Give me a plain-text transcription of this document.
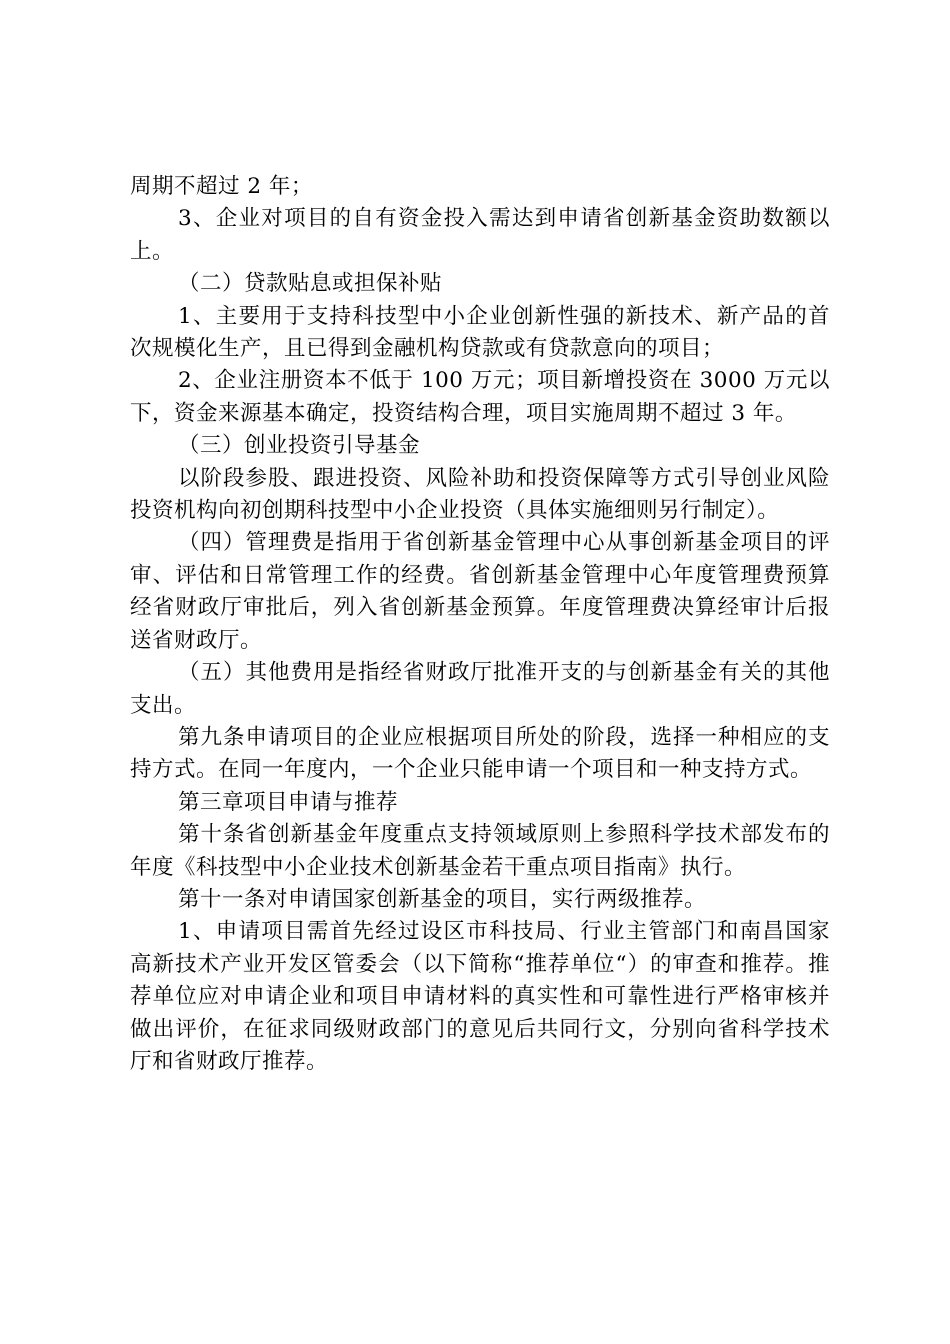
周期不超过 2 年；

3、企业对项目的自有资金投入需达到申请省创新基金资助数额以上。

（二）贷款贴息或担保补贴

1、主要用于支持科技型中小企业创新性强的新技术、新产品的首次规模化生产，且已得到金融机构贷款或有贷款意向的项目；

2、企业注册资本不低于 100 万元；项目新增投资在 3000 万元以下，资金来源基本确定，投资结构合理，项目实施周期不超过 3 年。

（三）创业投资引导基金

以阶段参股、跟进投资、风险补助和投资保障等方式引导创业风险投资机构向初创期科技型中小企业投资（具体实施细则另行制定）。

（四）管理费是指用于省创新基金管理中心从事创新基金项目的评审、评估和日常管理工作的经费。省创新基金管理中心年度管理费预算经省财政厅审批后，列入省创新基金预算。年度管理费决算经审计后报送省财政厅。

（五）其他费用是指经省财政厅批准开支的与创新基金有关的其他支出。

第九条申请项目的企业应根据项目所处的阶段，选择一种相应的支持方式。在同一年度内，一个企业只能申请一个项目和一种支持方式。

第三章项目申请与推荐

第十条省创新基金年度重点支持领域原则上参照科学技术部发布的年度《科技型中小企业技术创新基金若干重点项目指南》执行。

第十一条对申请国家创新基金的项目，实行两级推荐。

1、申请项目需首先经过设区市科技局、行业主管部门和南昌国家高新技术产业开发区管委会（以下简称“推荐单位“）的审查和推荐。推荐单位应对申请企业和项目申请材料的真实性和可靠性进行严格审核并做出评价，在征求同级财政部门的意见后共同行文，分别向省科学技术厅和省财政厅推荐。
